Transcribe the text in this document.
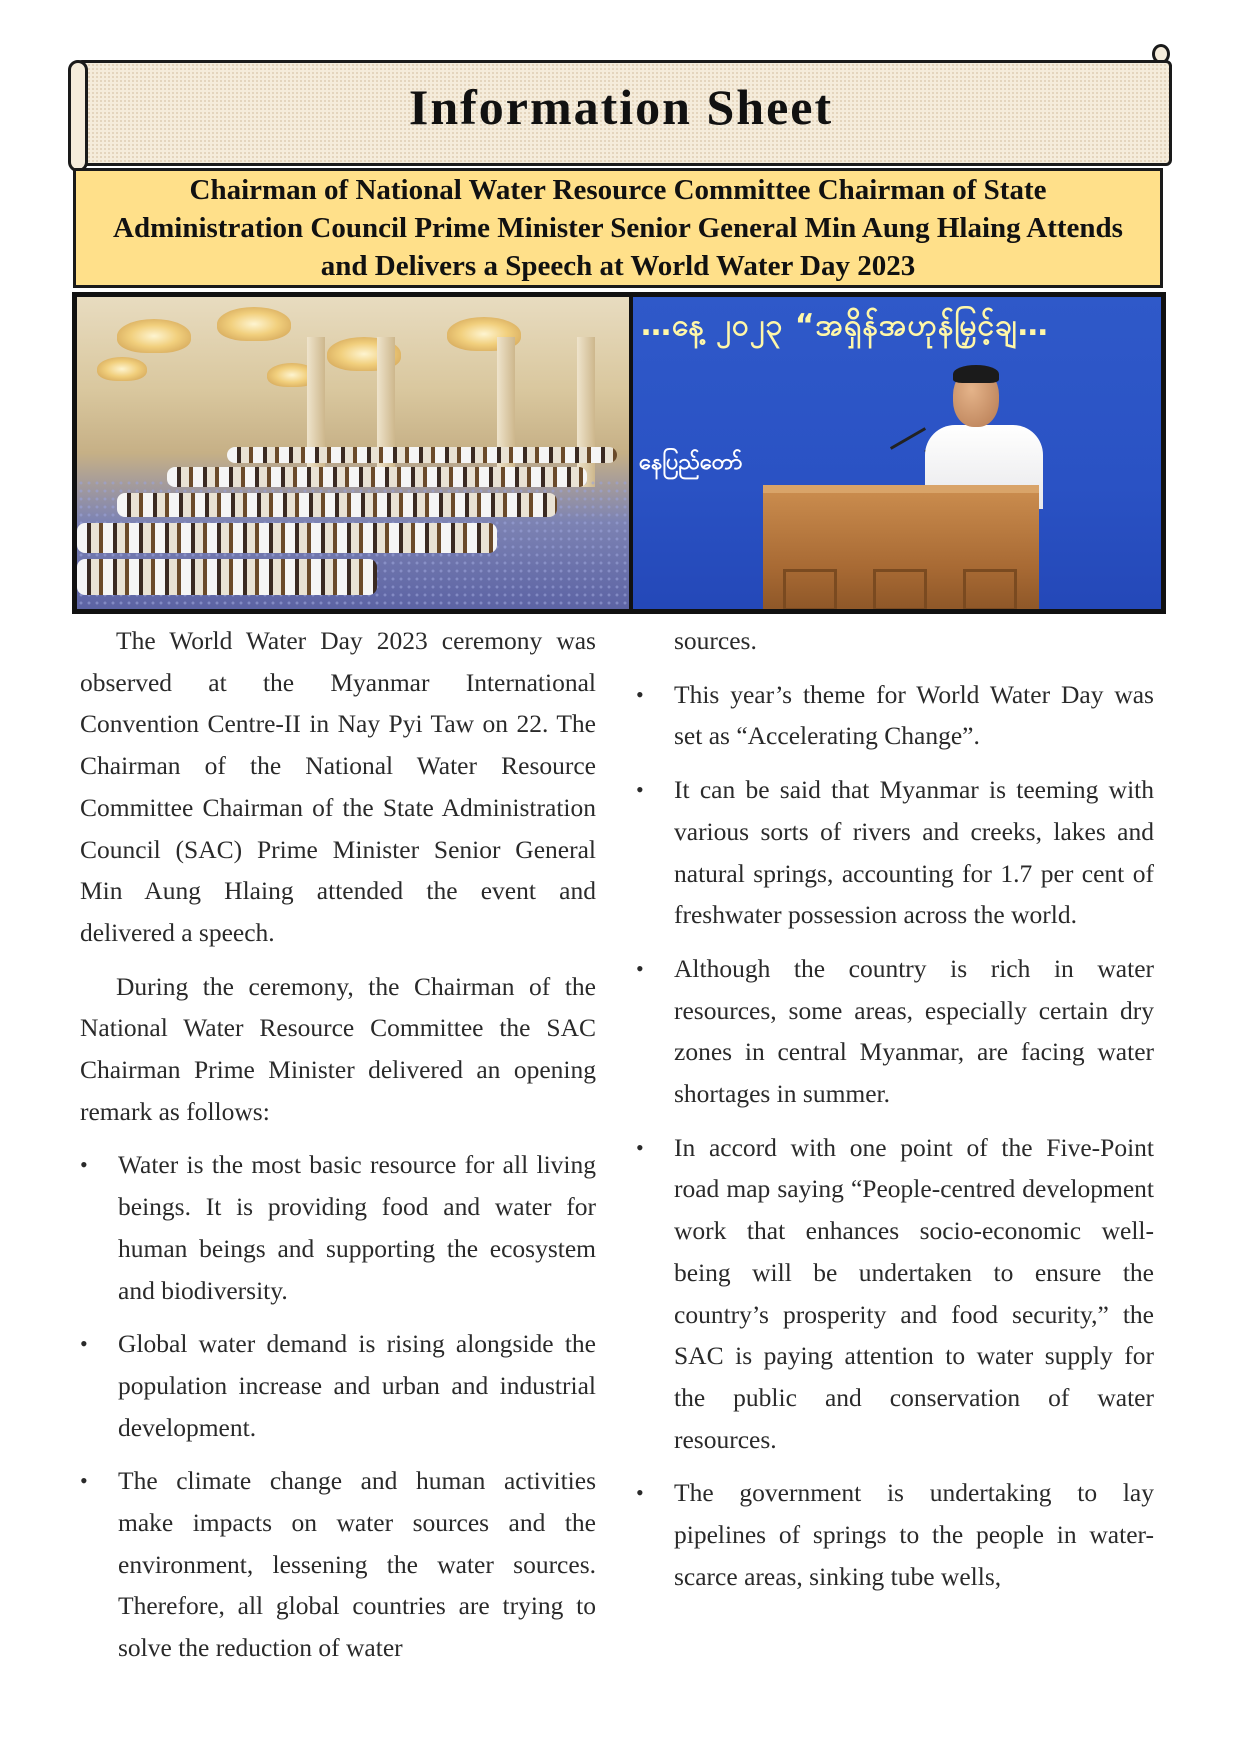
Information Sheet
Chairman of National Water Resource Committee Chairman of State Administration Council Prime Minister Senior General Min Aung Hlaing Attends and Delivers a Speech at World Water Day 2023
…နေ့ ၂၀၂၃ “အရှိန်အဟုန်မြှင့်ချ…
နေပြည်တော်

The World Water Day 2023 ceremony was observed at the Myanmar International Convention Centre-II in Nay Pyi Taw on 22. The Chairman of the National Water Resource Committee Chairman of the State Administration Council (SAC) Prime Minister Senior General Min Aung Hlaing attended the event and delivered a speech.

During the ceremony, the Chairman of the National Water Resource Committee the SAC Chairman Prime Minister delivered an opening remark as follows:

• Water is the most basic resource for all living beings. It is providing food and water for human beings and supporting the ecosystem and biodiversity.
• Global water demand is rising alongside the population increase and urban and industrial development.
• The climate change and human activities make impacts on water sources and the environment, lessening the water sources. Therefore, all global countries are trying to solve the reduction of water

sources.

• This year’s theme for World Water Day was set as “Accelerating Change”.
• It can be said that Myanmar is teeming with various sorts of rivers and creeks, lakes and natural springs, accounting for 1.7 per cent of freshwater possession across the world.
• Although the country is rich in water resources, some areas, especially certain dry zones in central Myanmar, are facing water shortages in summer.
• In accord with one point of the Five-Point road map saying “People-centred development work that enhances socio-economic well-being will be undertaken to ensure the country’s prosperity and food security,” the SAC is paying attention to water supply for the public and conservation of water resources.
• The government is undertaking to lay pipelines of springs to the people in water-scarce areas, sinking tube wells,
